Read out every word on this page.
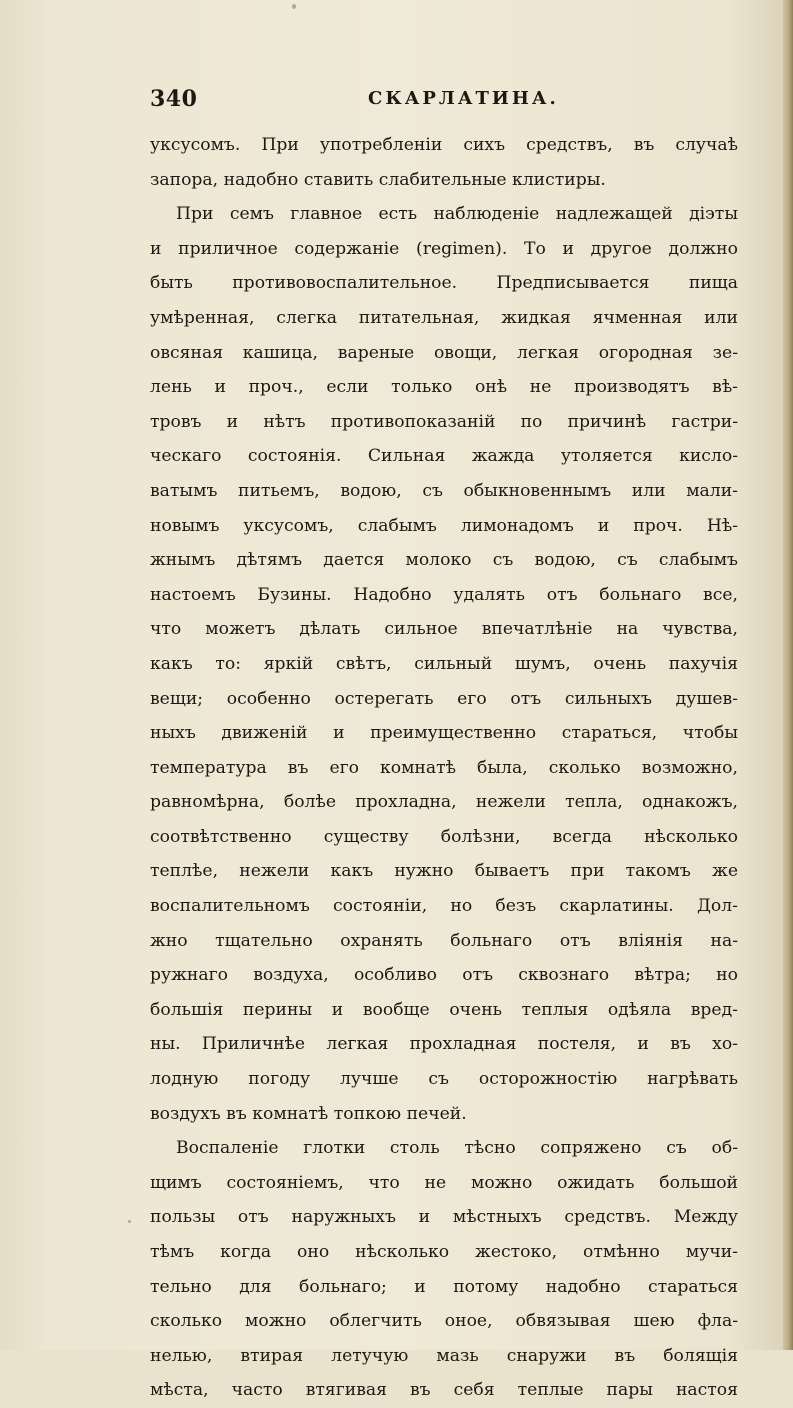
340	СКАРЛАТИНА.
уксусомъ. При употребленіи сихъ средствъ, въ случаѣ
запора, надобно ставить слабительные клистиры.
При семъ главное есть наблюденіе надлежащей діэты
и приличное содержаніе (regimen). То и другое должно
быть противовоспалительное. Предписывается пища
умѣренная, слегка питательная, жидкая ячменная или
овсяная кашица, вареные овощи, легкая огородная зе-
лень и проч., если только онѣ не производятъ вѣ-
тровъ и нѣтъ противопоказаній по причинѣ гастри-
ческаго состоянія. Сильная жажда утоляется кисло-
ватымъ питьемъ, водою, съ обыкновеннымъ или мали-
новымъ уксусомъ, слабымъ лимонадомъ и проч. Нѣ-
жнымъ дѣтямъ дается молоко съ водою, съ слабымъ
настоемъ Бузины. Надобно удалять отъ больнаго все,
что можетъ дѣлать сильное впечатлѣніе на чувства,
какъ то: яркій свѣтъ, сильный шумъ, очень пахучія
вещи; особенно остерегать его отъ сильныхъ душев-
ныхъ движеній и преимущественно стараться, чтобы
температура въ его комнатѣ была, сколько возможно,
равномѣрна, болѣе прохладна, нежели тепла, однакожъ,
соотвѣтственно существу болѣзни, всегда нѣсколько
теплѣе, нежели какъ нужно бываетъ при такомъ же
воспалительномъ состояніи, но безъ скарлатины. Дол-
жно тщательно охранять больнаго отъ вліянія на-
ружнаго воздуха, особливо отъ сквознаго вѣтра; но
большія перины и вообще очень теплыя одѣяла вред-
ны. Приличнѣе легкая прохладная постеля, и въ хо-
лодную погоду лучше съ осторожностію нагрѣвать
воздухъ въ комнатѣ топкою печей.
Воспаленіе глотки столь тѣсно сопряжено съ об-
щимъ состояніемъ, что не можно ожидать большой
пользы отъ наружныхъ и мѣстныхъ средствъ. Между
тѣмъ когда оно нѣсколько жестоко, отмѣнно мучи-
тельно для больнаго; и потому надобно стараться
сколько можно облегчить оное, обвязывая шею фла-
нелью, втирая летучую мазь снаружи въ болящія
мѣста, часто втягивая въ себя теплые пары настоя
